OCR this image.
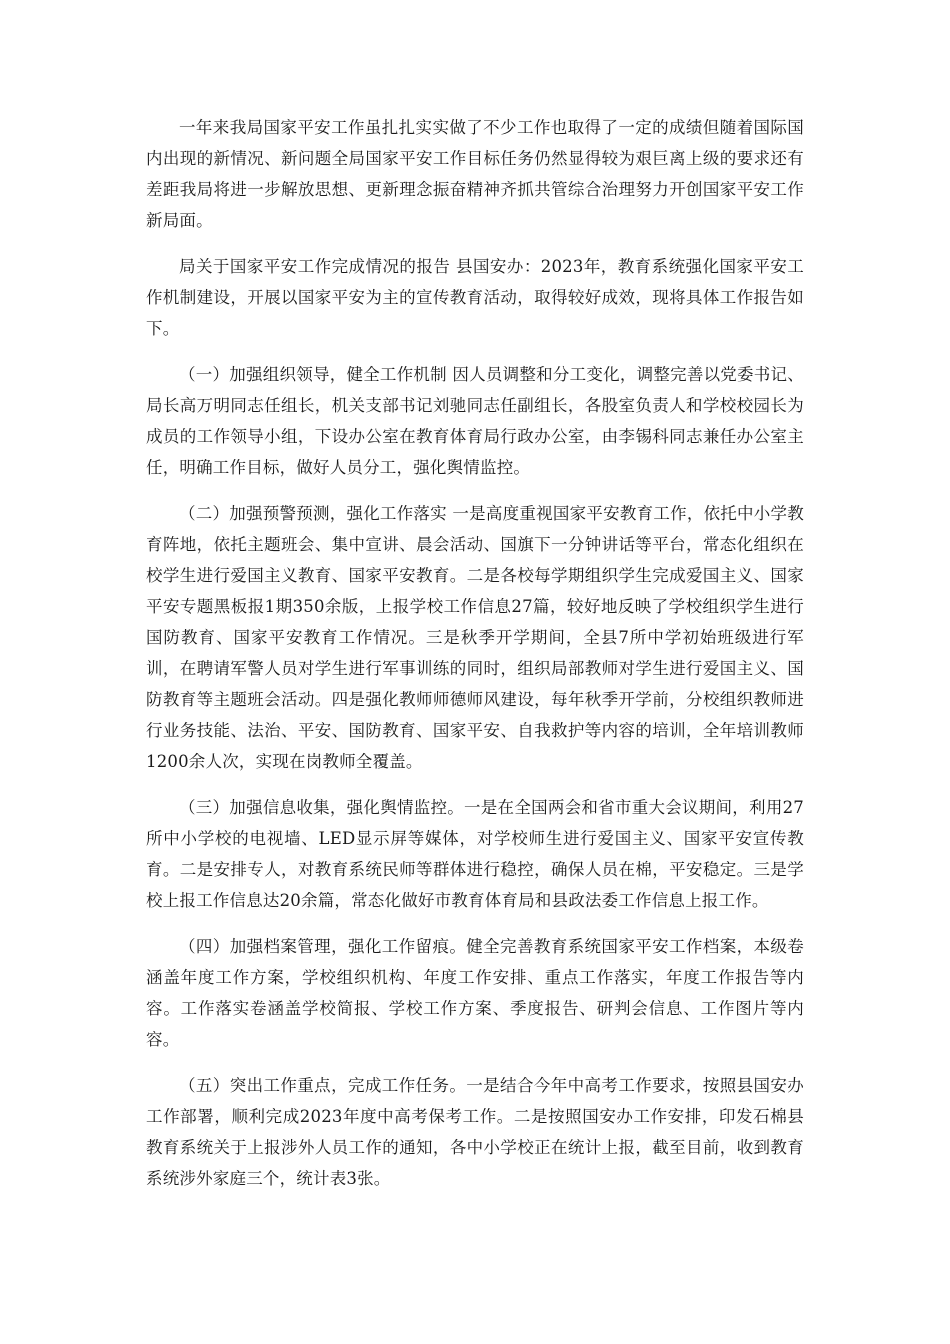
一年来我局国家平安工作虽扎扎实实做了不少工作也取得了一定的成绩但随着国际国内出现的新情况、新问题全局国家平安工作目标任务仍然显得较为艰巨离上级的要求还有差距我局将进一步解放思想、更新理念振奋精神齐抓共管综合治理努力开创国家平安工作新局面。

局关于国家平安工作完成情况的报告 县国安办：2023年，教育系统强化国家平安工作机制建设，开展以国家平安为主的宣传教育活动，取得较好成效，现将具体工作报告如下。

（一）加强组织领导，健全工作机制 因人员调整和分工变化，调整完善以党委书记、局长高万明同志任组长，机关支部书记刘驰同志任副组长，各股室负责人和学校校园长为成员的工作领导小组，下设办公室在教育体育局行政办公室，由李锡科同志兼任办公室主任，明确工作目标，做好人员分工，强化舆情监控。

（二）加强预警预测，强化工作落实 一是高度重视国家平安教育工作，依托中小学教育阵地，依托主题班会、集中宣讲、晨会活动、国旗下一分钟讲话等平台，常态化组织在校学生进行爱国主义教育、国家平安教育。二是各校每学期组织学生完成爱国主义、国家平安专题黑板报1期350余版，上报学校工作信息27篇，较好地反映了学校组织学生进行国防教育、国家平安教育工作情况。三是秋季开学期间，全县7所中学初始班级进行军训，在聘请军警人员对学生进行军事训练的同时，组织局部教师对学生进行爱国主义、国防教育等主题班会活动。四是强化教师师德师风建设，每年秋季开学前，分校组织教师进行业务技能、法治、平安、国防教育、国家平安、自我救护等内容的培训，全年培训教师1200余人次，实现在岗教师全覆盖。

（三）加强信息收集，强化舆情监控。一是在全国两会和省市重大会议期间，利用27所中小学校的电视墙、LED显示屏等媒体，对学校师生进行爱国主义、国家平安宣传教育。二是安排专人，对教育系统民师等群体进行稳控，确保人员在棉，平安稳定。三是学校上报工作信息达20余篇，常态化做好市教育体育局和县政法委工作信息上报工作。

（四）加强档案管理，强化工作留痕。健全完善教育系统国家平安工作档案，本级卷涵盖年度工作方案，学校组织机构、年度工作安排、重点工作落实，年度工作报告等内容。工作落实卷涵盖学校简报、学校工作方案、季度报告、研判会信息、工作图片等内容。

（五）突出工作重点，完成工作任务。一是结合今年中高考工作要求，按照县国安办工作部署，顺利完成2023年度中高考保考工作。二是按照国安办工作安排，印发石棉县教育系统关于上报涉外人员工作的通知，各中小学校正在统计上报，截至目前，收到教育系统涉外家庭三个，统计表3张。
